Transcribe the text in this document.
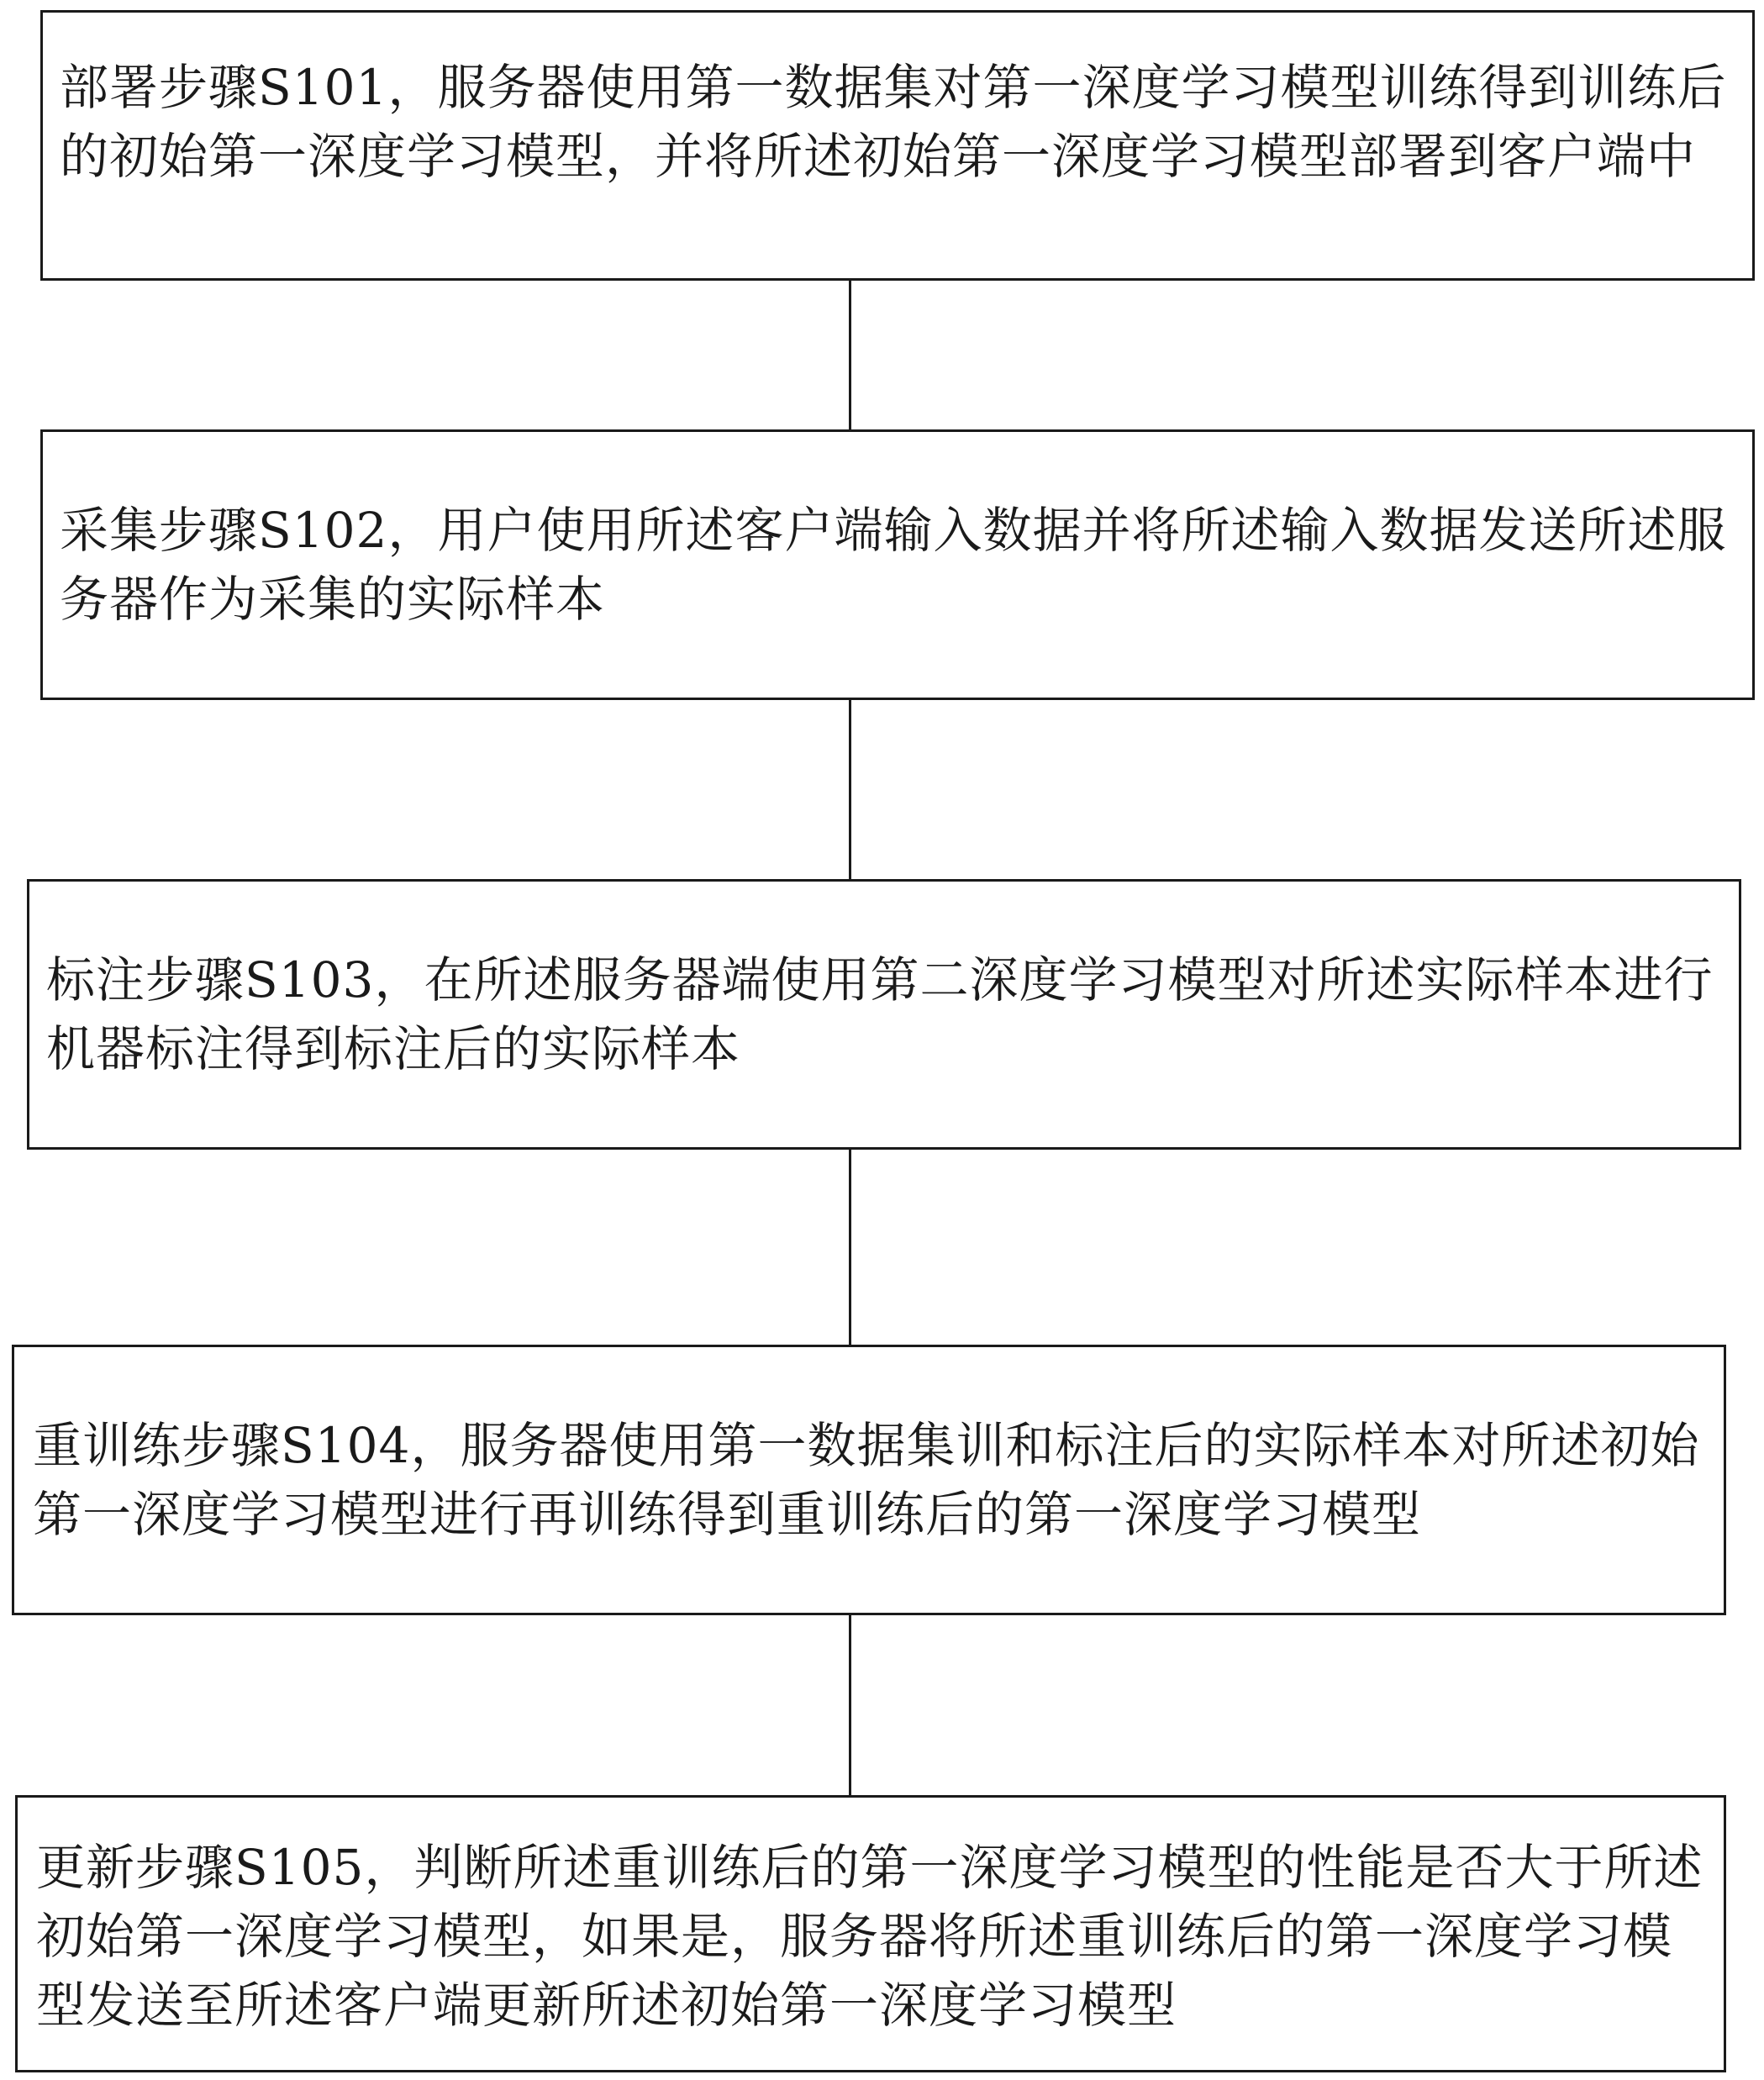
部署步骤S101，服务器使用第一数据集对第一深度学习模型训练得到训练后的初始第一深度学习模型，并将所述初始第一深度学习模型部署到客户端中

采集步骤S102，用户使用所述客户端输入数据并将所述输入数据发送所述服务器作为采集的实际样本

标注步骤S103，在所述服务器端使用第二深度学习模型对所述实际样本进行机器标注得到标注后的实际样本

重训练步骤S104，服务器使用第一数据集训和标注后的实际样本对所述初始第一深度学习模型进行再训练得到重训练后的第一深度学习模型

更新步骤S105，判断所述重训练后的第一深度学习模型的性能是否大于所述初始第一深度学习模型，如果是，服务器将所述重训练后的第一深度学习模型发送至所述客户端更新所述初始第一深度学习模型
